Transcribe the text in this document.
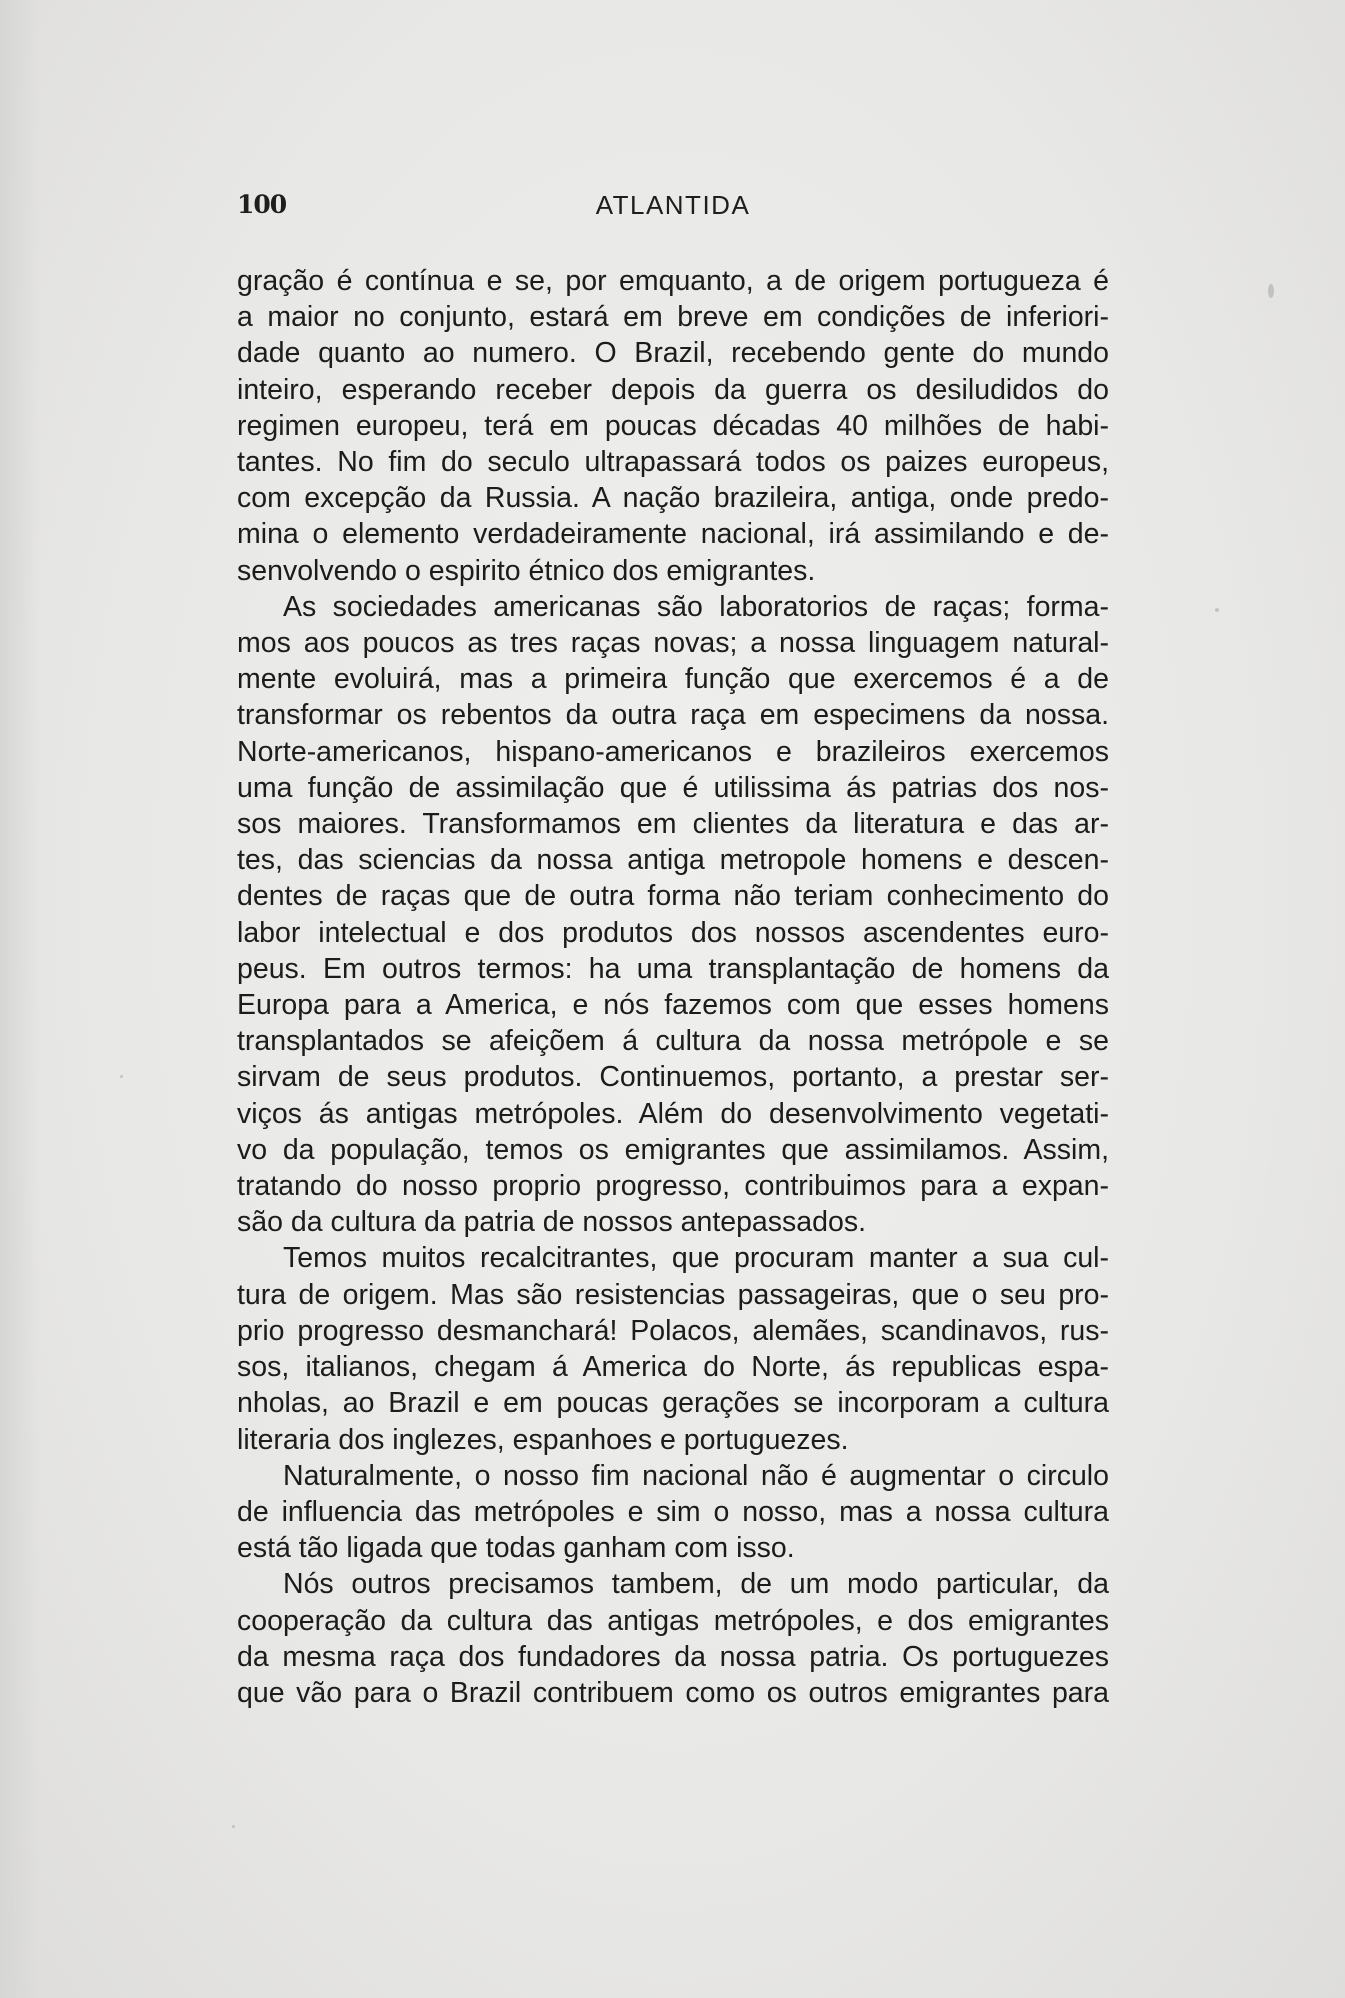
100	ATLANTIDA
gração é contínua e se, por emquanto, a de origem portugueza é
a maior no conjunto, estará em breve em condições de inferiori-
dade quanto ao numero. O Brazil, recebendo gente do mundo
inteiro, esperando receber depois da guerra os desiludidos do
regimen europeu, terá em poucas décadas 40 milhões de habi-
tantes. No fim do seculo ultrapassará todos os paizes europeus,
com excepção da Russia. A nação brazileira, antiga, onde predo-
mina o elemento verdadeiramente nacional, irá assimilando e de-
senvolvendo o espirito étnico dos emigrantes.
As sociedades americanas são laboratorios de raças; forma-
mos aos poucos as tres raças novas; a nossa linguagem natural-
mente evoluirá, mas a primeira função que exercemos é a de
transformar os rebentos da outra raça em especimens da nossa.
Norte-americanos, hispano-americanos e brazileiros exercemos
uma função de assimilação que é utilissima ás patrias dos nos-
sos maiores. Transformamos em clientes da literatura e das ar-
tes, das sciencias da nossa antiga metropole homens e descen-
dentes de raças que de outra forma não teriam conhecimento do
labor intelectual e dos produtos dos nossos ascendentes euro-
peus. Em outros termos: ha uma transplantação de homens da
Europa para a America, e nós fazemos com que esses homens
transplantados se afeiçõem á cultura da nossa metrópole e se
sirvam de seus produtos. Continuemos, portanto, a prestar ser-
viços ás antigas metrópoles. Além do desenvolvimento vegetati-
vo da população, temos os emigrantes que assimilamos. Assim,
tratando do nosso proprio progresso, contribuimos para a expan-
são da cultura da patria de nossos antepassados.
Temos muitos recalcitrantes, que procuram manter a sua cul-
tura de origem. Mas são resistencias passageiras, que o seu pro-
prio progresso desmanchará! Polacos, alemães, scandinavos, rus-
sos, italianos, chegam á America do Norte, ás republicas espa-
nholas, ao Brazil e em poucas gerações se incorporam a cultura
literaria dos inglezes, espanhoes e portuguezes.
Naturalmente, o nosso fim nacional não é augmentar o circulo
de influencia das metrópoles e sim o nosso, mas a nossa cultura
está tão ligada que todas ganham com isso.
Nós outros precisamos tambem, de um modo particular, da
cooperação da cultura das antigas metrópoles, e dos emigrantes
da mesma raça dos fundadores da nossa patria. Os portuguezes
que vão para o Brazil contribuem como os outros emigrantes para
